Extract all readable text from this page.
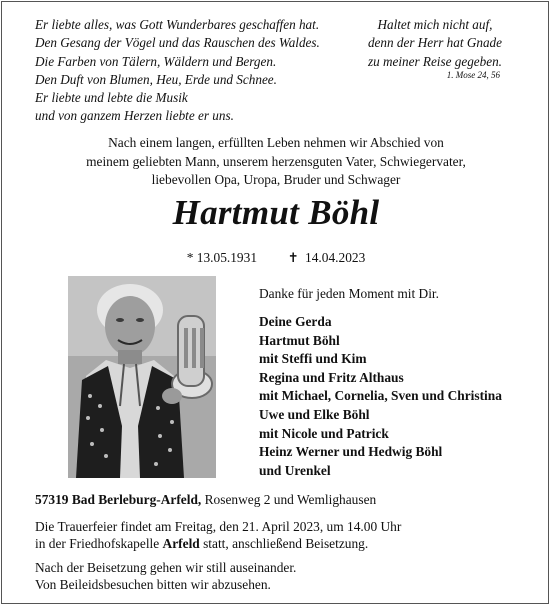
Er liebte alles, was Gott Wunderbares geschaffen hat.
Den Gesang der Vögel und das Rauschen des Waldes.
Die Farben von Tälern, Wäldern und Bergen.
Den Duft von Blumen, Heu, Erde und Schnee.
Er liebte und lebte die Musik
und von ganzem Herzen liebte er uns.
Haltet mich nicht auf,
denn der Herr hat Gnade
zu meiner Reise gegeben.
1. Mose 24, 56
Nach einem langen, erfüllten Leben nehmen wir Abschied von
meinem geliebten Mann, unserem herzensguten Vater, Schwiegervater,
liebevollen Opa, Uropa, Bruder und Schwager
Hartmut Böhl
* 13.05.1931 ✝ 14.04.2023
Danke für jeden Moment mit Dir.
Deine Gerda
Hartmut Böhl
mit Steffi und Kim
Regina und Fritz Althaus
mit Michael, Cornelia, Sven und Christina
Uwe und Elke Böhl
mit Nicole und Patrick
Heinz Werner und Hedwig Böhl
und Urenkel
57319 Bad Berleburg-Arfeld, Rosenweg 2 und Wemlighausen
Die Trauerfeier findet am Freitag, den 21. April 2023, um 14.00 Uhr
in der Friedhofskapelle Arfeld statt, anschließend Beisetzung.
Nach der Beisetzung gehen wir still auseinander.
Von Beileidsbesuchen bitten wir abzusehen.
